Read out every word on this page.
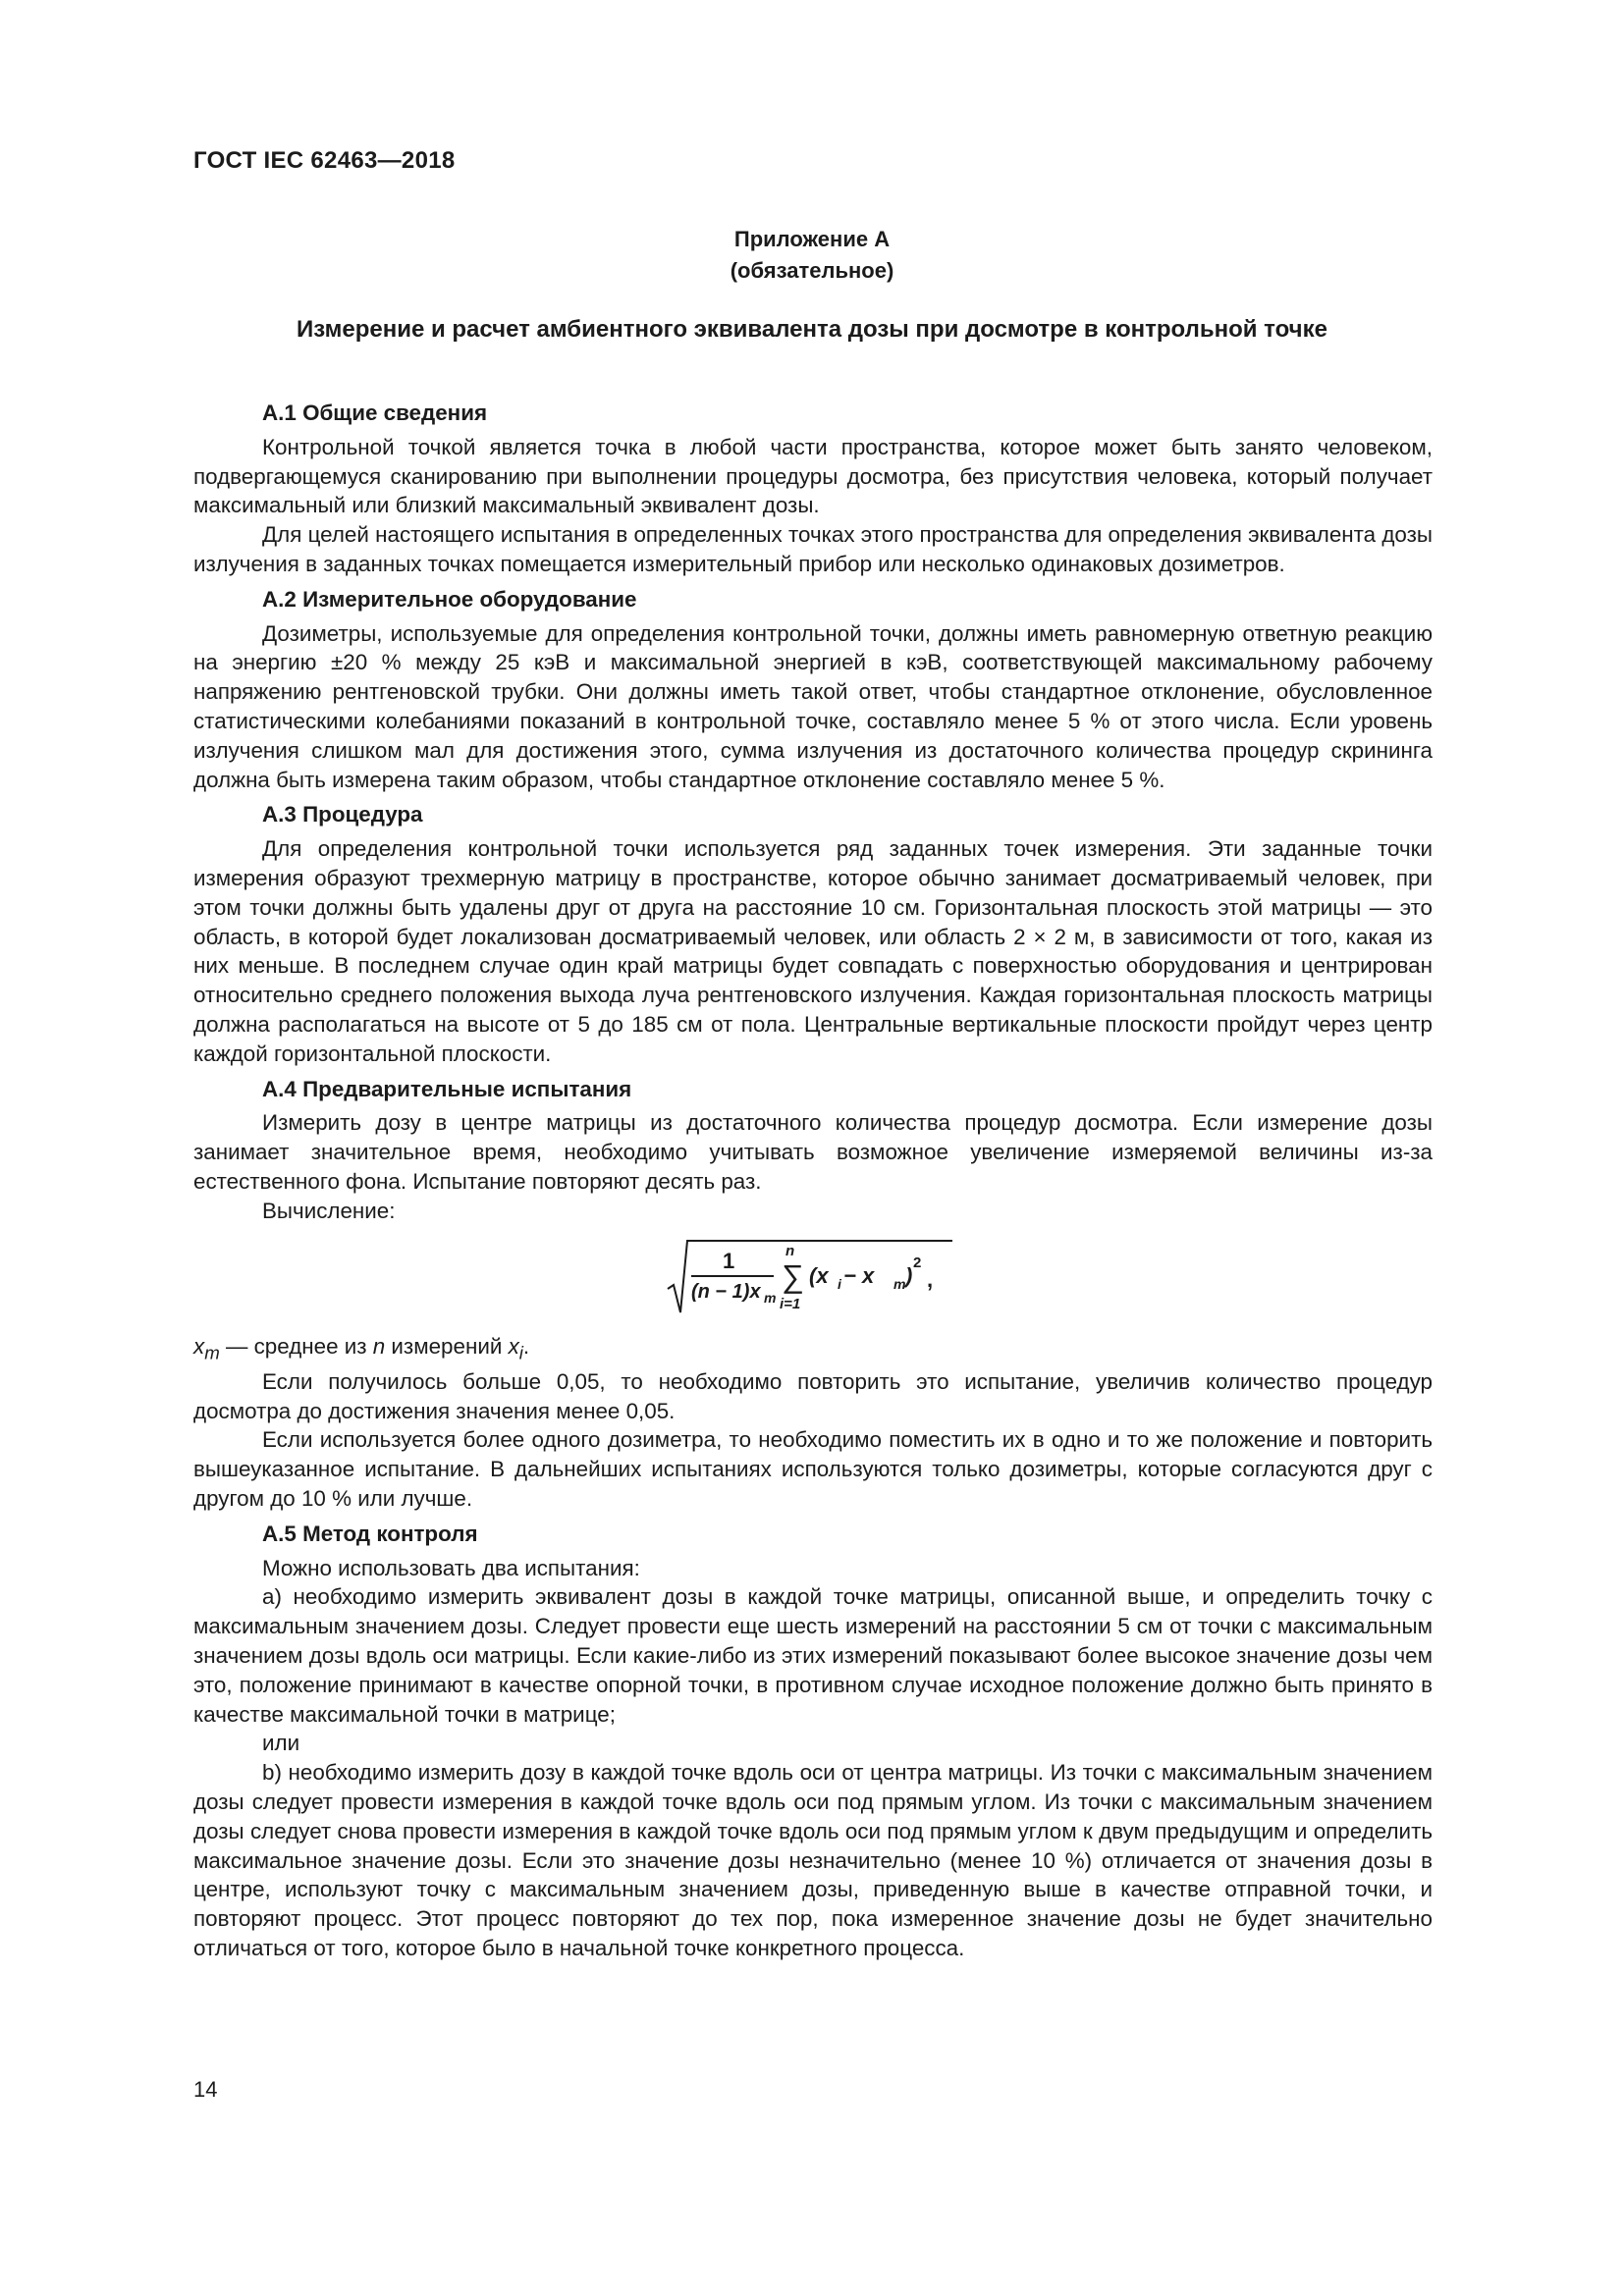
ГОСТ IEC 62463—2018

Приложение А

(обязательное)

Измерение и расчет амбиентного эквивалента дозы при досмотре в контрольной точке

А.1 Общие сведения

Контрольной точкой является точка в любой части пространства, которое может быть занято человеком, подвергающемуся сканированию при выполнении процедуры досмотра, без присутствия человека, который получает максимальный или близкий максимальный эквивалент дозы.

Для целей настоящего испытания в определенных точках этого пространства для определения эквивалента дозы излучения в заданных точках помещается измерительный прибор или несколько одинаковых дозиметров.

А.2 Измерительное оборудование

Дозиметры, используемые для определения контрольной точки, должны иметь равномерную ответную реакцию на энергию ±20 % между 25 кэВ и максимальной энергией в кэВ, соответствующей максимальному рабочему напряжению рентгеновской трубки. Они должны иметь такой ответ, чтобы стандартное отклонение, обусловленное статистическими колебаниями показаний в контрольной точке, составляло менее 5 % от этого числа. Если уровень излучения слишком мал для достижения этого, сумма излучения из достаточного количества процедур скрининга должна быть измерена таким образом, чтобы стандартное отклонение составляло менее 5 %.

А.3 Процедура

Для определения контрольной точки используется ряд заданных точек измерения. Эти заданные точки измерения образуют трехмерную матрицу в пространстве, которое обычно занимает досматриваемый человек, при этом точки должны быть удалены друг от друга на расстояние 10 см. Горизонтальная плоскость этой матрицы — это область, в которой будет локализован досматриваемый человек, или область 2 × 2 м, в зависимости от того, какая из них меньше. В последнем случае один край матрицы будет совпадать с поверхностью оборудования и центрирован относительно среднего положения выхода луча рентгеновского излучения. Каждая горизонтальная плоскость матрицы должна располагаться на высоте от 5 до 185 см от пола. Центральные вертикальные плоскости пройдут через центр каждой горизонтальной плоскости.

А.4 Предварительные испытания

Измерить дозу в центре матрицы из достаточного количества процедур досмотра. Если измерение дозы занимает значительное время, необходимо учитывать возможное увеличение измеряемой величины из-за естественного фона. Испытание повторяют десять раз.

Вычисление:

1
(n − 1)x m
n
∑
i=1
(x i − x m )
2
,

$x_m$ — среднее из n измерений $x_i$.

Если получилось больше 0,05, то необходимо повторить это испытание, увеличив количество процедур досмотра до достижения значения менее 0,05.

Если используется более одного дозиметра, то необходимо поместить их в одно и то же положение и повторить вышеуказанное испытание. В дальнейших испытаниях используются только дозиметры, которые согласуются друг с другом до 10 % или лучше.

А.5 Метод контроля

Можно использовать два испытания:

a) необходимо измерить эквивалент дозы в каждой точке матрицы, описанной выше, и определить точку с максимальным значением дозы. Следует провести еще шесть измерений на расстоянии 5 см от точки с максимальным значением дозы вдоль оси матрицы. Если какие-либо из этих измерений показывают более высокое значение дозы чем это, положение принимают в качестве опорной точки, в противном случае исходное положение должно быть принято в качестве максимальной точки в матрице;

или

b) необходимо измерить дозу в каждой точке вдоль оси от центра матрицы. Из точки с максимальным значением дозы следует провести измерения в каждой точке вдоль оси под прямым углом. Из точки с максимальным значением дозы следует снова провести измерения в каждой точке вдоль оси под прямым углом к двум предыдущим и определить максимальное значение дозы. Если это значение дозы незначительно (менее 10 %) отличается от значения дозы в центре, используют точку с максимальным значением дозы, приведенную выше в качестве отправной точки, и повторяют процесс. Этот процесс повторяют до тех пор, пока измеренное значение дозы не будет значительно отличаться от того, которое было в начальной точке конкретного процесса.

14
